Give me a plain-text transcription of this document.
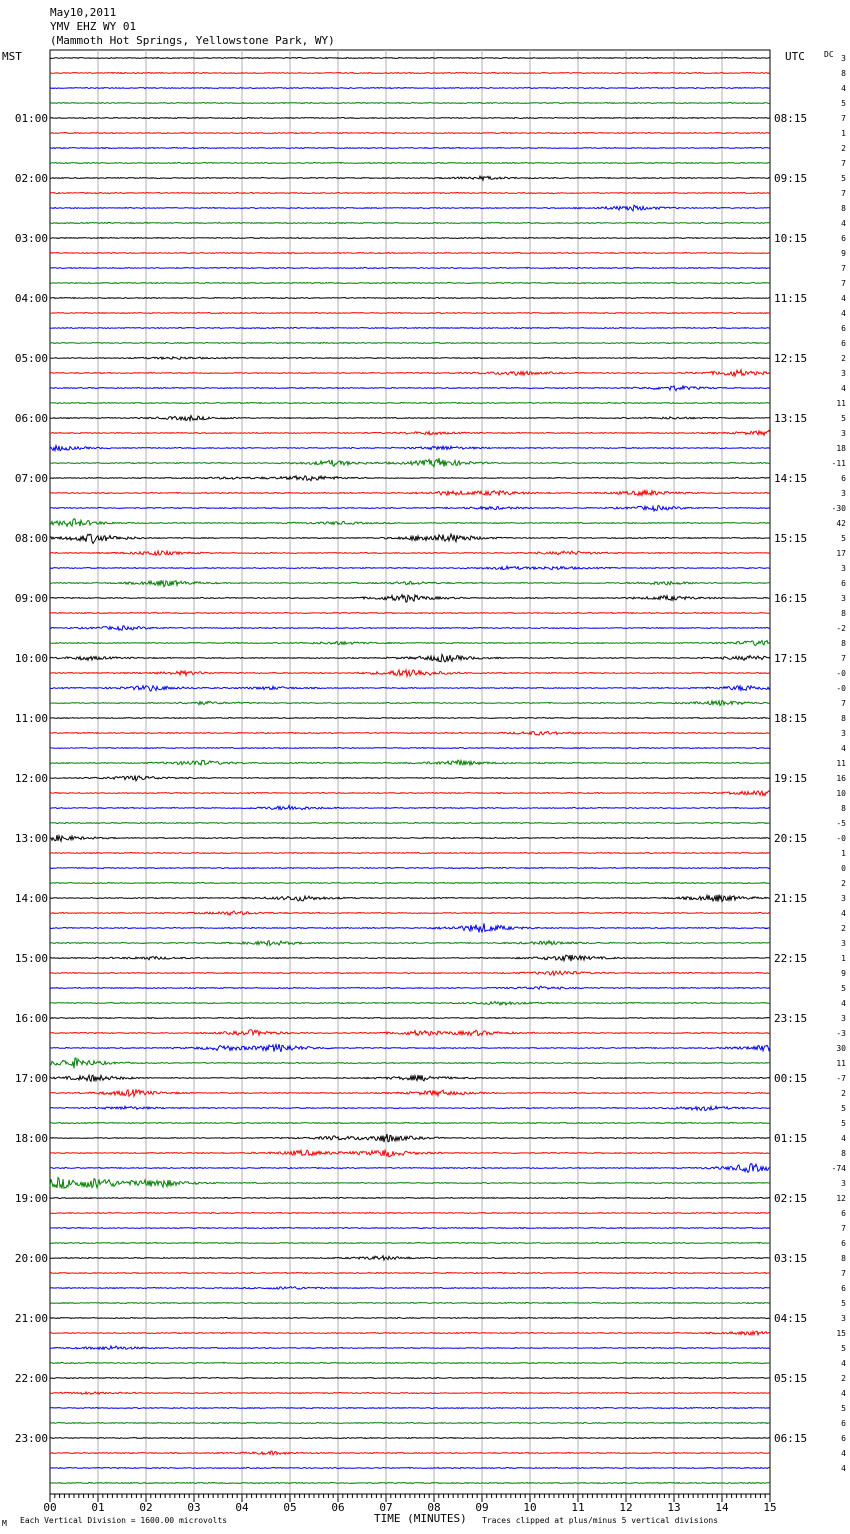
May10,2011
YMV EHZ WY 01
(Mammoth Hot Springs, Yellowstone Park, WY)
MST	UTC DC
00	01	02	03	04	05	06	07	08	09	10	11	12	13	14	15
01:00
02:00
03:00
04:00
05:00
06:00
07:00
08:00
09:00
10:00
11:00
12:00
13:00
14:00
15:00
16:00
17:00
18:00
19:00
20:00
21:00
22:00
23:00
08:15
09:15
10:15
11:15
12:15
13:15
14:15
15:15
16:15
17:15
18:15
19:15
20:15
21:15
22:15
23:15
00:15
01:15
02:15
03:15
04:15
05:15
06:15
3
8
4
5
7
1
2
7
5
7
8
4
6
9
7
7
4
4
6
6
2
3
4
11
5
3
18
-11
6
3
-30
42
5
17
3
6
3
8
-2
8
7
-0
-0
7
8
3
4
11
16
10
8
-5
-0
1
0
2
3
4
2
3
1
9
5
4
3
-3
30
11
-7
2
5
5
4
8
-74
3
12
6
7
6
8
7
6
5
3
15
5
4
2
4
5
6
6
4
4
M Each Vertical Division = 1600.00 microvolts	TIME (MINUTES) Traces clipped at plus/minus 5 vertical divisions
